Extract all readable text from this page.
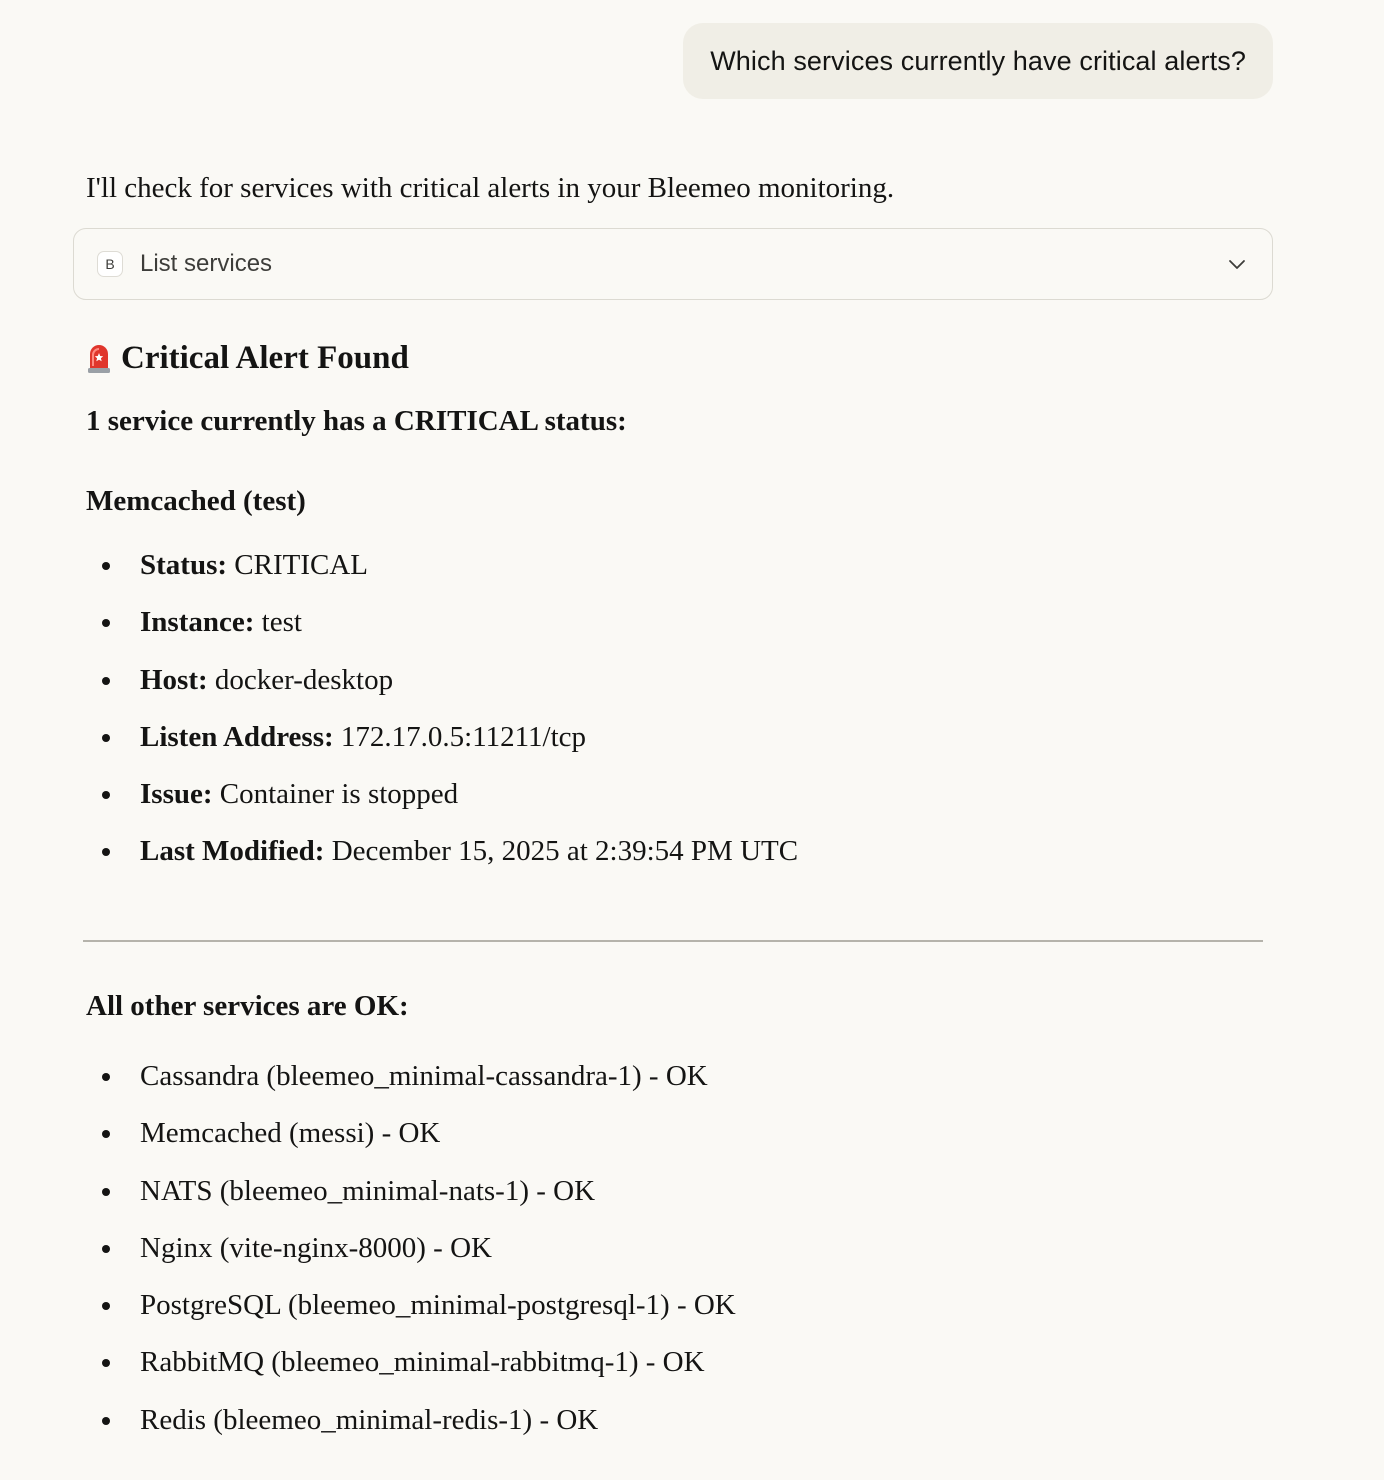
Which services currently have critical alerts?
I'll check for services with critical alerts in your Bleemeo monitoring.
B	List services
Critical Alert Found
1 service currently has a CRITICAL status:
Memcached (test)
Status: CRITICAL
Instance: test
Host: docker-desktop
Listen Address: 172.17.0.5:11211/tcp
Issue: Container is stopped
Last Modified: December 15, 2025 at 2:39:54 PM UTC
All other services are OK:
Cassandra (bleemeo_minimal-cassandra-1) - OK
Memcached (messi) - OK
NATS (bleemeo_minimal-nats-1) - OK
Nginx (vite-nginx-8000) - OK
PostgreSQL (bleemeo_minimal-postgresql-1) - OK
RabbitMQ (bleemeo_minimal-rabbitmq-1) - OK
Redis (bleemeo_minimal-redis-1) - OK
